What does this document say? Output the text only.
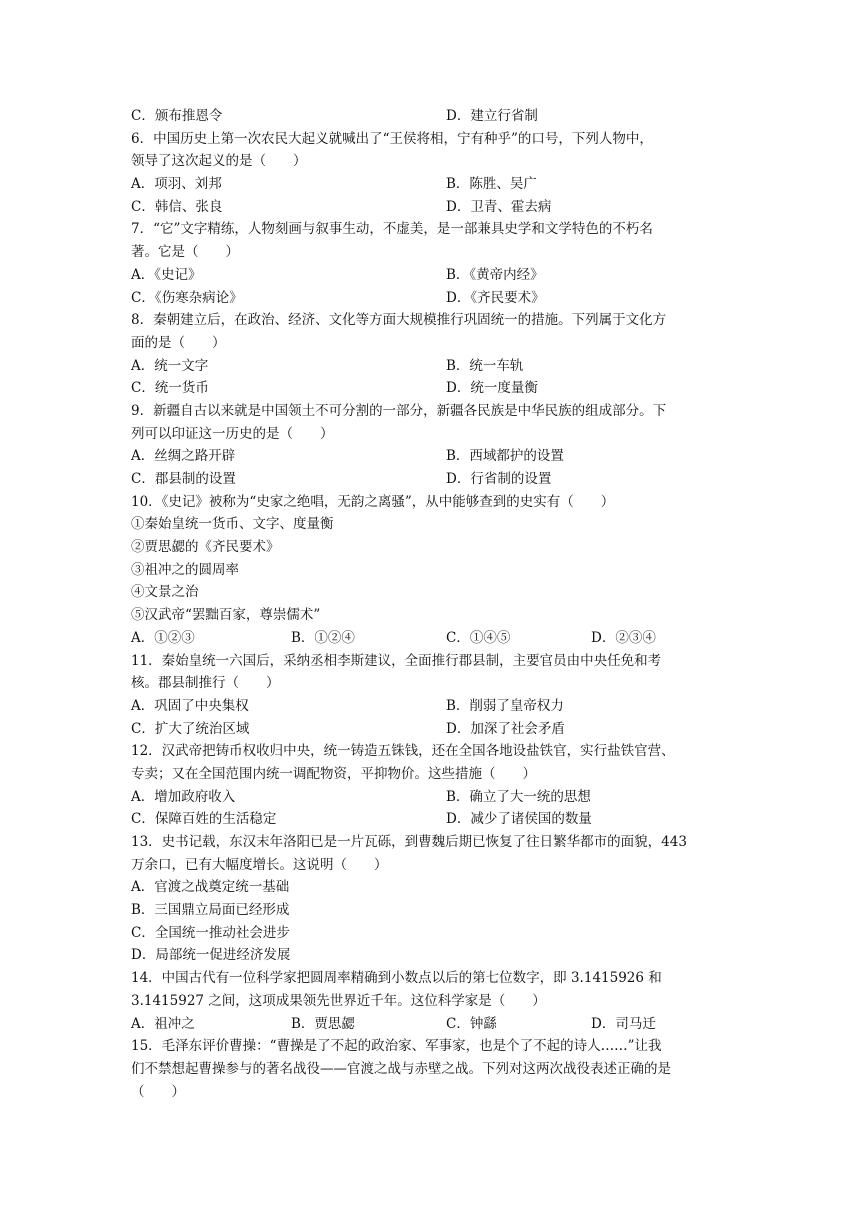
C．颁布推恩令	D．建立行省制
6．中国历史上第一次农民大起义就喊出了“王侯将相，宁有种乎”的口号，下列人物中，
领导了这次起义的是（　　）
A．项羽、刘邦	B．陈胜、吴广
C．韩信、张良	D．卫青、霍去病
7．“它”文字精练，人物刻画与叙事生动，不虚美，是一部兼具史学和文学特色的不朽名
著。它是（　　）
A．《史记》	B．《黄帝内经》
C．《伤寒杂病论》	D．《齐民要术》
8．秦朝建立后，在政治、经济、文化等方面大规模推行巩固统一的措施。下列属于文化方
面的是（　　）
A．统一文字	B．统一车轨
C．统一货币	D．统一度量衡
9．新疆自古以来就是中国领土不可分割的一部分，新疆各民族是中华民族的组成部分。下
列可以印证这一历史的是（　　）
A．丝绸之路开辟	B．西域都护的设置
C．郡县制的设置	D．行省制的设置
10．《史记》被称为“史家之绝唱，无韵之离骚”，从中能够查到的史实有（　　）
①秦始皇统一货币、文字、度量衡
②贾思勰的《齐民要术》
③祖冲之的圆周率
④文景之治
⑤汉武帝“罢黜百家，尊崇儒术”
A．①②③	B．①②④	C．①④⑤	D．②③④
11．秦始皇统一六国后，采纳丞相李斯建议，全面推行郡县制，主要官员由中央任免和考
核。郡县制推行（　　）
A．巩固了中央集权	B．削弱了皇帝权力
C．扩大了统治区域	D．加深了社会矛盾
12．汉武帝把铸币权收归中央，统一铸造五铢钱，还在全国各地设盐铁官，实行盐铁官营、
专卖；又在全国范围内统一调配物资，平抑物价。这些措施（　　）
A．增加政府收入	B．确立了大一统的思想
C．保障百姓的生活稳定	D．减少了诸侯国的数量
13．史书记载，东汉末年洛阳已是一片瓦砾，到曹魏后期已恢复了往日繁华都市的面貌，443
万余口，已有大幅度增长。这说明（　　）
A．官渡之战奠定统一基础
B．三国鼎立局面已经形成
C．全国统一推动社会进步
D．局部统一促进经济发展
14．中国古代有一位科学家把圆周率精确到小数点以后的第七位数字，即 3.1415926 和
3.1415927 之间，这项成果领先世界近千年。这位科学家是（　　）
A．祖冲之	B．贾思勰	C．钟繇	D．司马迁
15．毛泽东评价曹操：“曹操是了不起的政治家、军事家，也是个了不起的诗人……”让我
们不禁想起曹操参与的著名战役——官渡之战与赤壁之战。下列对这两次战役表述正确的是
（　　）
